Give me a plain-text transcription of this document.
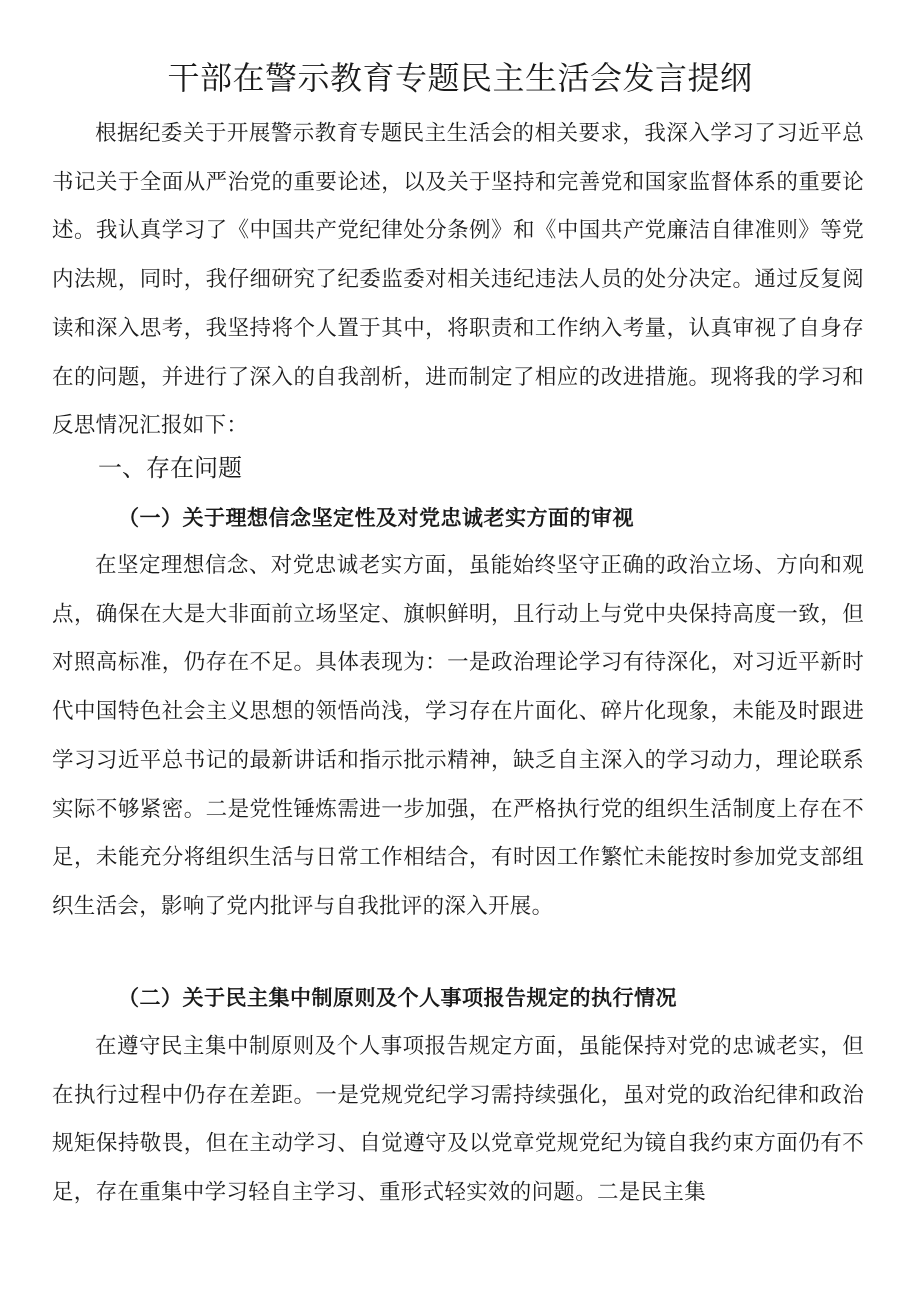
干部在警示教育专题民主生活会发言提纲

根据纪委关于开展警示教育专题民主生活会的相关要求，我深入学习了习近平总书记关于全面从严治党的重要论述，以及关于坚持和完善党和国家监督体系的重要论述。我认真学习了《中国共产党纪律处分条例》和《中国共产党廉洁自律准则》等党内法规，同时，我仔细研究了纪委监委对相关违纪违法人员的处分决定。通过反复阅读和深入思考，我坚持将个人置于其中，将职责和工作纳入考量，认真审视了自身存在的问题，并进行了深入的自我剖析，进而制定了相应的改进措施。现将我的学习和反思情况汇报如下：

一、存在问题
（一）关于理想信念坚定性及对党忠诚老实方面的审视

在坚定理想信念、对党忠诚老实方面，虽能始终坚守正确的政治立场、方向和观点，确保在大是大非面前立场坚定、旗帜鲜明，且行动上与党中央保持高度一致，但对照高标准，仍存在不足。具体表现为：一是政治理论学习有待深化，对习近平新时代中国特色社会主义思想的领悟尚浅，学习存在片面化、碎片化现象，未能及时跟进学习习近平总书记的最新讲话和指示批示精神，缺乏自主深入的学习动力，理论联系实际不够紧密。二是党性锤炼需进一步加强，在严格执行党的组织生活制度上存在不足，未能充分将组织生活与日常工作相结合，有时因工作繁忙未能按时参加党支部组织生活会，影响了党内批评与自我批评的深入开展。

（二）关于民主集中制原则及个人事项报告规定的执行情况

在遵守民主集中制原则及个人事项报告规定方面，虽能保持对党的忠诚老实，但在执行过程中仍存在差距。一是党规党纪学习需持续强化，虽对党的政治纪律和政治规矩保持敬畏，但在主动学习、自觉遵守及以党章党规党纪为镜自我约束方面仍有不足，存在重集中学习轻自主学习、重形式轻实效的问题。二是民主集
